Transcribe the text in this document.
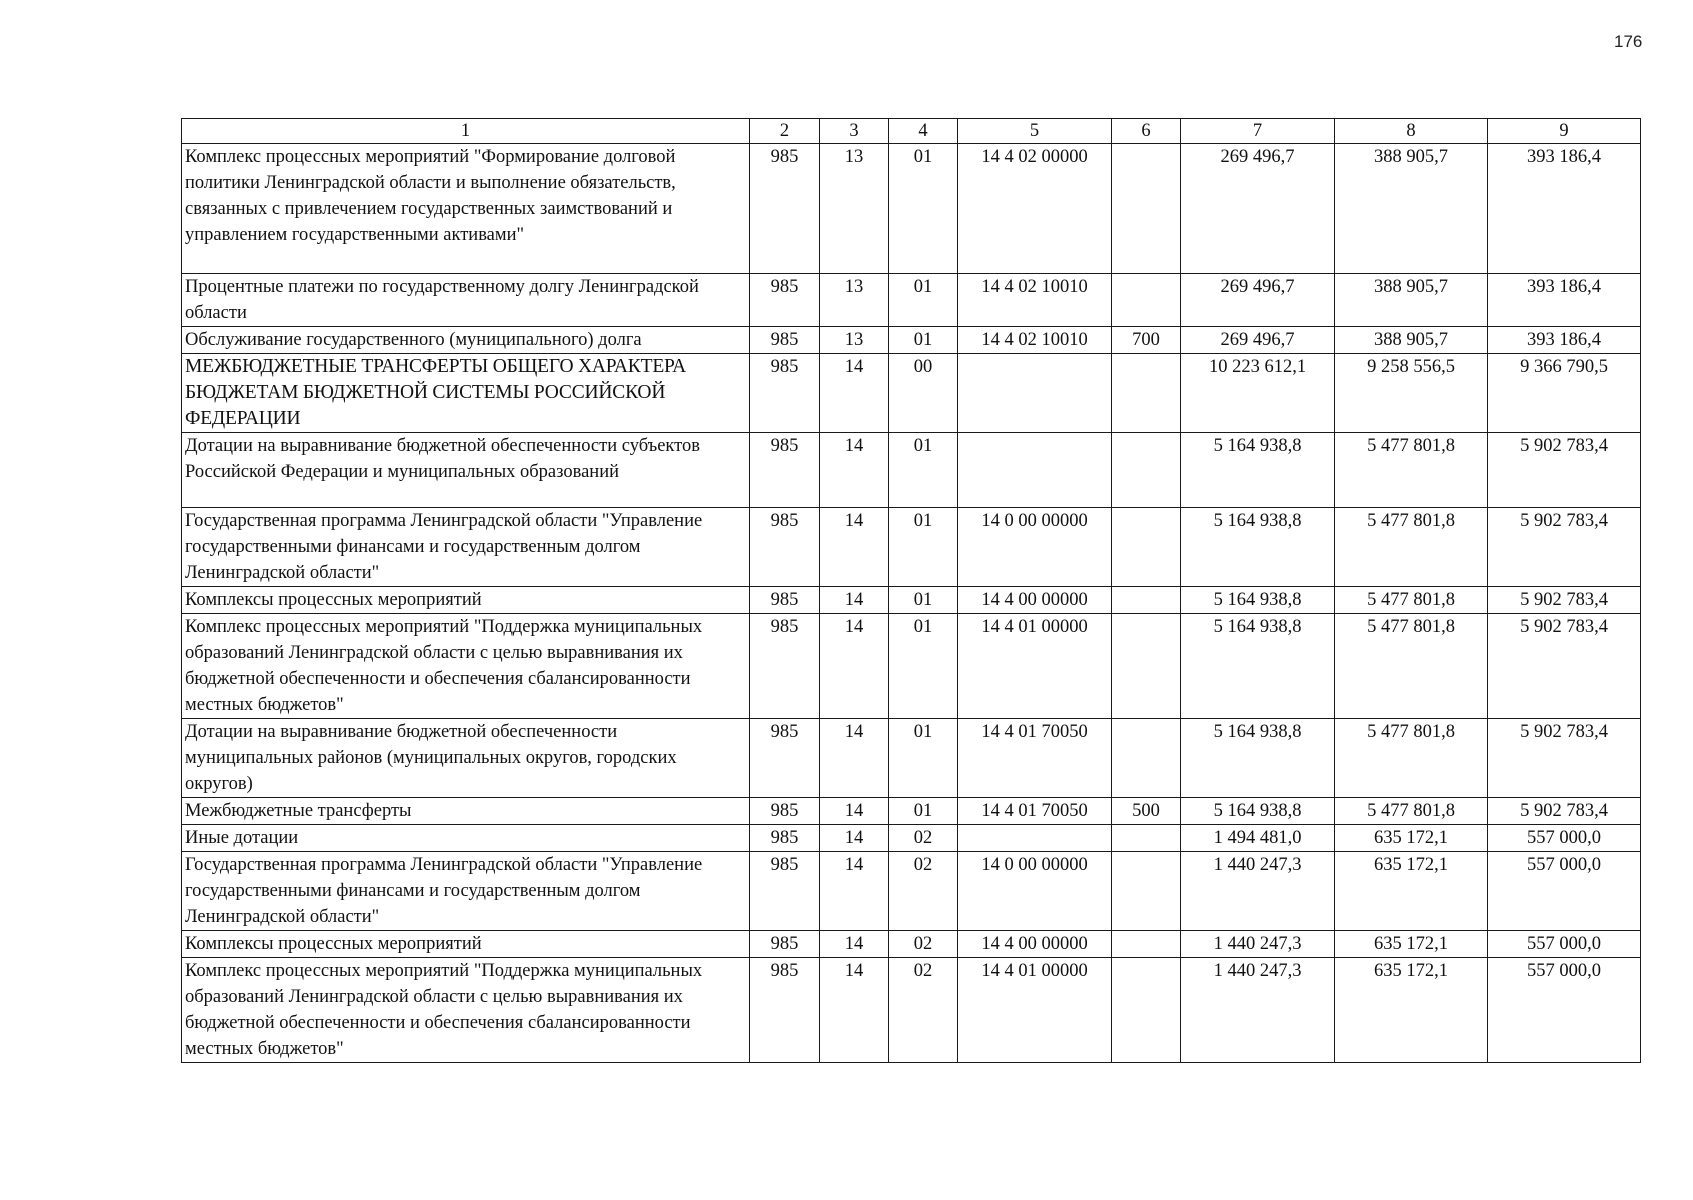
176
1	2	3	4	5	6	7	8	9
Комплекс процессных мероприятий "Формирование долговой политики Ленинградской области и выполнение обязательств, связанных с привлечением государственных заимствований и управлением государственными активами"	985	13	01	14 4 02 00000		269 496,7	388 905,7	393 186,4
Процентные платежи по государственному долгу Ленинградской области	985	13	01	14 4 02 10010		269 496,7	388 905,7	393 186,4
Обслуживание государственного (муниципального) долга	985	13	01	14 4 02 10010	700	269 496,7	388 905,7	393 186,4
МЕЖБЮДЖЕТНЫЕ ТРАНСФЕРТЫ ОБЩЕГО ХАРАКТЕРА БЮДЖЕТАМ БЮДЖЕТНОЙ СИСТЕМЫ РОССИЙСКОЙ ФЕДЕРАЦИИ	985	14	00			10 223 612,1	9 258 556,5	9 366 790,5
Дотации на выравнивание бюджетной обеспеченности субъектов Российской Федерации и муниципальных образований	985	14	01			5 164 938,8	5 477 801,8	5 902 783,4
Государственная программа Ленинградской области "Управление государственными финансами и государственным долгом Ленинградской области"	985	14	01	14 0 00 00000		5 164 938,8	5 477 801,8	5 902 783,4
Комплексы процессных мероприятий	985	14	01	14 4 00 00000		5 164 938,8	5 477 801,8	5 902 783,4
Комплекс процессных мероприятий "Поддержка муниципальных образований Ленинградской области с целью выравнивания их бюджетной обеспеченности и обеспечения сбалансированности местных бюджетов"	985	14	01	14 4 01 00000		5 164 938,8	5 477 801,8	5 902 783,4
Дотации на выравнивание бюджетной обеспеченности муниципальных районов (муниципальных округов, городских округов)	985	14	01	14 4 01 70050		5 164 938,8	5 477 801,8	5 902 783,4
Межбюджетные трансферты	985	14	01	14 4 01 70050	500	5 164 938,8	5 477 801,8	5 902 783,4
Иные дотации	985	14	02			1 494 481,0	635 172,1	557 000,0
Государственная программа Ленинградской области "Управление государственными финансами и государственным долгом Ленинградской области"	985	14	02	14 0 00 00000		1 440 247,3	635 172,1	557 000,0
Комплексы процессных мероприятий	985	14	02	14 4 00 00000		1 440 247,3	635 172,1	557 000,0
Комплекс процессных мероприятий "Поддержка муниципальных образований Ленинградской области с целью выравнивания их бюджетной обеспеченности и обеспечения сбалансированности местных бюджетов"	985	14	02	14 4 01 00000		1 440 247,3	635 172,1	557 000,0
